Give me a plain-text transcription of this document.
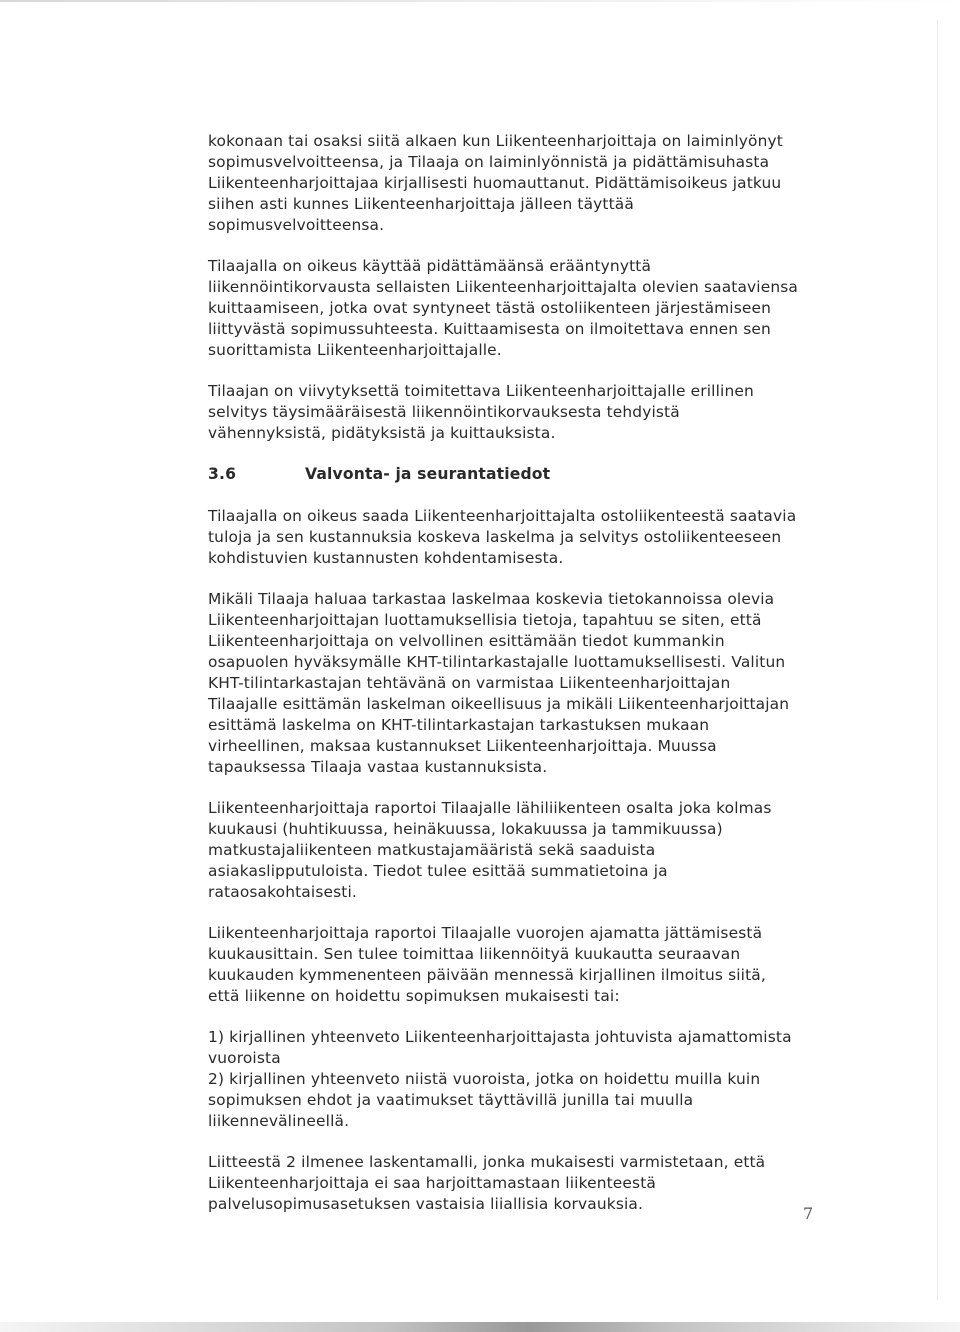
kokonaan tai osaksi siitä alkaen kun Liikenteenharjoittaja on laiminlyönyt
sopimusvelvoitteensa, ja Tilaaja on laiminlyönnistä ja pidättämisuhasta
Liikenteenharjoittajaa kirjallisesti huomauttanut. Pidättämisoikeus jatkuu
siihen asti kunnes Liikenteenharjoittaja jälleen täyttää
sopimusvelvoitteensa.

Tilaajalla on oikeus käyttää pidättämäänsä erääntynyttä
liikennöintikorvausta sellaisten Liikenteenharjoittajalta olevien saataviensa
kuittaamiseen, jotka ovat syntyneet tästä ostoliikenteen järjestämiseen
liittyvästä sopimussuhteesta. Kuittaamisesta on ilmoitettava ennen sen
suorittamista Liikenteenharjoittajalle.

Tilaajan on viivytyksettä toimitettava Liikenteenharjoittajalle erillinen
selvitys täysimääräisestä liikennöintikorvauksesta tehdyistä
vähennyksistä, pidätyksistä ja kuittauksista.

3.6	Valvonta- ja seurantatiedot

Tilaajalla on oikeus saada Liikenteenharjoittajalta ostoliikenteestä saatavia
tuloja ja sen kustannuksia koskeva laskelma ja selvitys ostoliikenteeseen
kohdistuvien kustannusten kohdentamisesta.

Mikäli Tilaaja haluaa tarkastaa laskelmaa koskevia tietokannoissa olevia
Liikenteenharjoittajan luottamuksellisia tietoja, tapahtuu se siten, että
Liikenteenharjoittaja on velvollinen esittämään tiedot kummankin
osapuolen hyväksymälle KHT-tilintarkastajalle luottamuksellisesti. Valitun
KHT-tilintarkastajan tehtävänä on varmistaa Liikenteenharjoittajan
Tilaajalle esittämän laskelman oikeellisuus ja mikäli Liikenteenharjoittajan
esittämä laskelma on KHT-tilintarkastajan tarkastuksen mukaan
virheellinen, maksaa kustannukset Liikenteenharjoittaja. Muussa
tapauksessa Tilaaja vastaa kustannuksista.

Liikenteenharjoittaja raportoi Tilaajalle lähiliikenteen osalta joka kolmas
kuukausi (huhtikuussa, heinäkuussa, lokakuussa ja tammikuussa)
matkustajaliikenteen matkustajamääristä sekä saaduista
asiakaslipputuloista. Tiedot tulee esittää summatietoina ja
rataosakohtaisesti.

Liikenteenharjoittaja raportoi Tilaajalle vuorojen ajamatta jättämisestä
kuukausittain. Sen tulee toimittaa liikennöityä kuukautta seuraavan
kuukauden kymmenenteen päivään mennessä kirjallinen ilmoitus siitä,
että liikenne on hoidettu sopimuksen mukaisesti tai:

1) kirjallinen yhteenveto Liikenteenharjoittajasta johtuvista ajamattomista
vuoroista
2) kirjallinen yhteenveto niistä vuoroista, jotka on hoidettu muilla kuin
sopimuksen ehdot ja vaatimukset täyttävillä junilla tai muulla
liikennevälineellä.

Liitteestä 2 ilmenee laskentamalli, jonka mukaisesti varmistetaan, että
Liikenteenharjoittaja ei saa harjoittamastaan liikenteestä
palvelusopimusasetuksen vastaisia liiallisia korvauksia.	7
